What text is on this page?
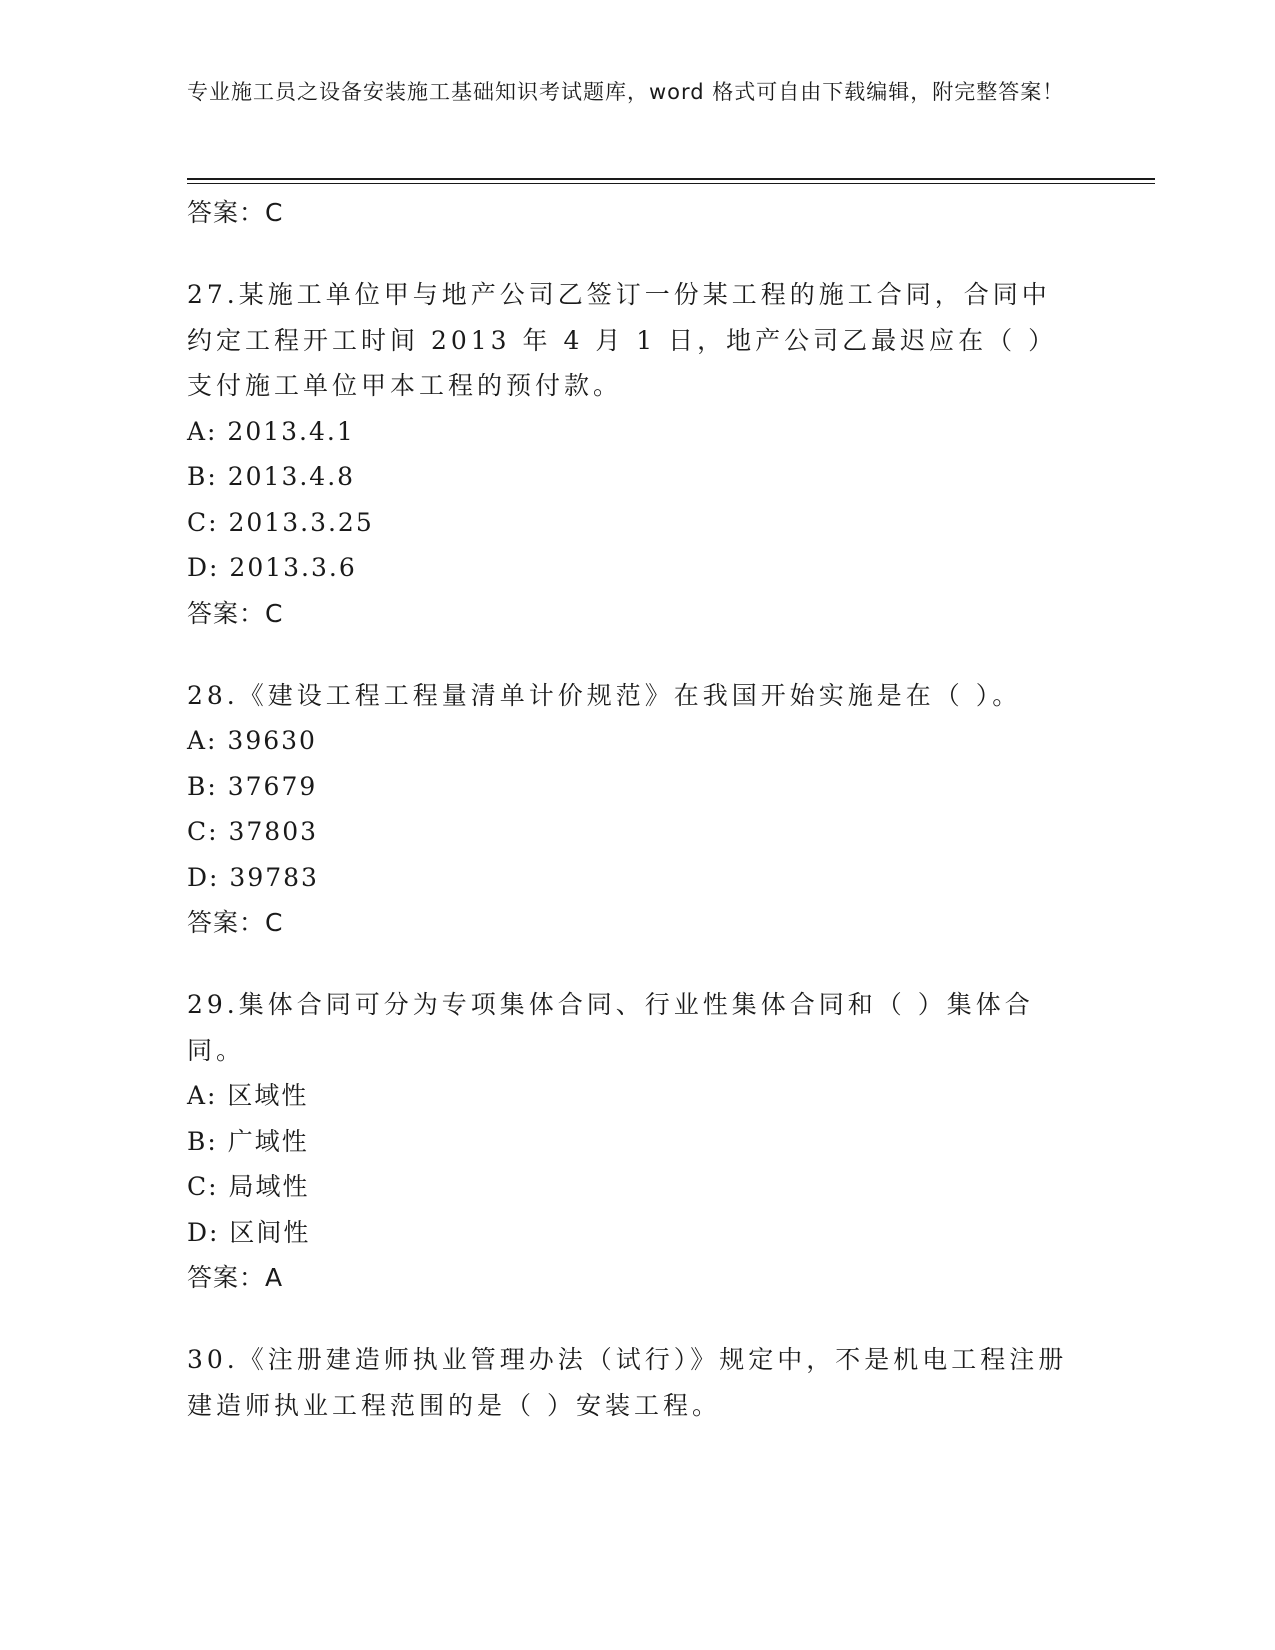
专业施工员之设备安装施工基础知识考试题库，word 格式可自由下载编辑，附完整答案！
答案：C
27.某施工单位甲与地产公司乙签订一份某工程的施工合同，合同中约定工程开工时间 2013 年 4 月 1 日，地产公司乙最迟应在（ ）支付施工单位甲本工程的预付款。
A: 2013.4.1
B: 2013.4.8
C: 2013.3.25
D: 2013.3.6
答案：C
28.《建设工程工程量清单计价规范》在我国开始实施是在（ ）。
A: 39630
B: 37679
C: 37803
D: 39783
答案：C
29.集体合同可分为专项集体合同、行业性集体合同和（ ）集体合同。
A: 区域性
B: 广域性
C: 局域性
D: 区间性
答案：A
30.《注册建造师执业管理办法（试行）》规定中，不是机电工程注册建造师执业工程范围的是（ ）安装工程。
